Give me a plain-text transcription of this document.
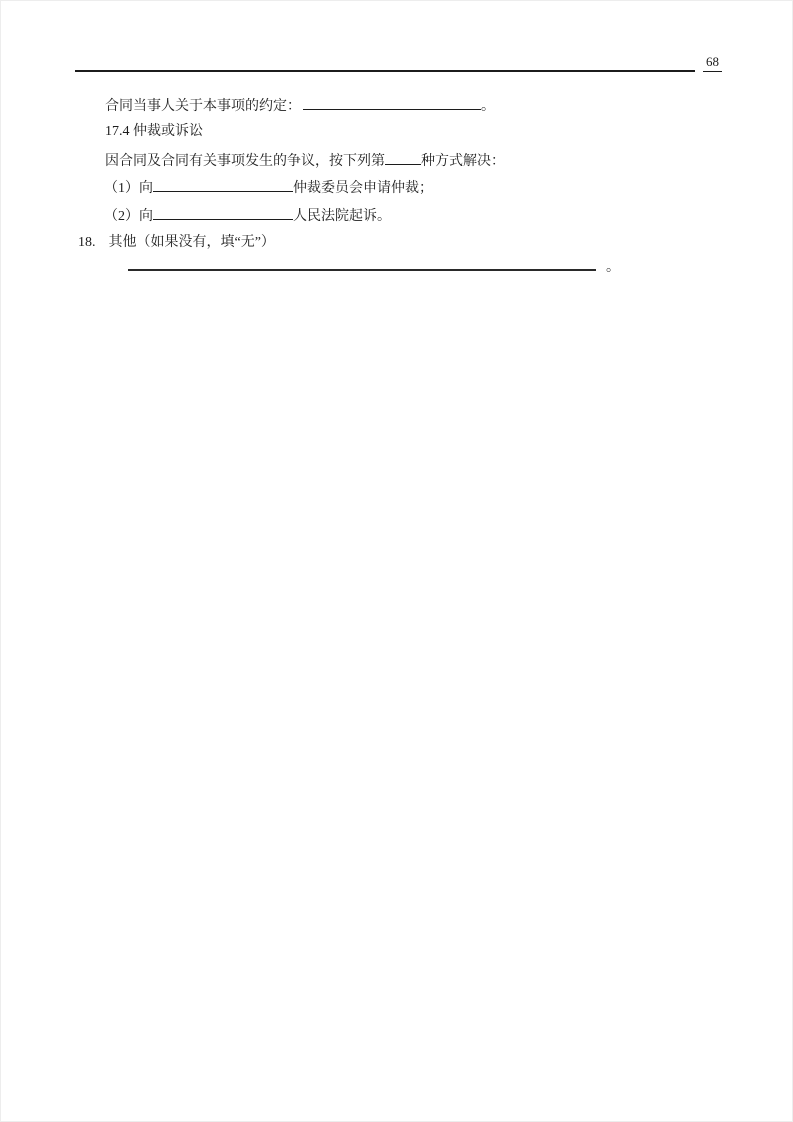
68
合同当事人关于本事项的约定：	。
17.4 仲裁或诉讼
因合同及合同有关事项发生的争议，按下列第	种方式解决：
（1）向	仲裁委员会申请仲裁；
（2）向	人民法院起诉。
18. 其他（如果没有，填“无”）
。
